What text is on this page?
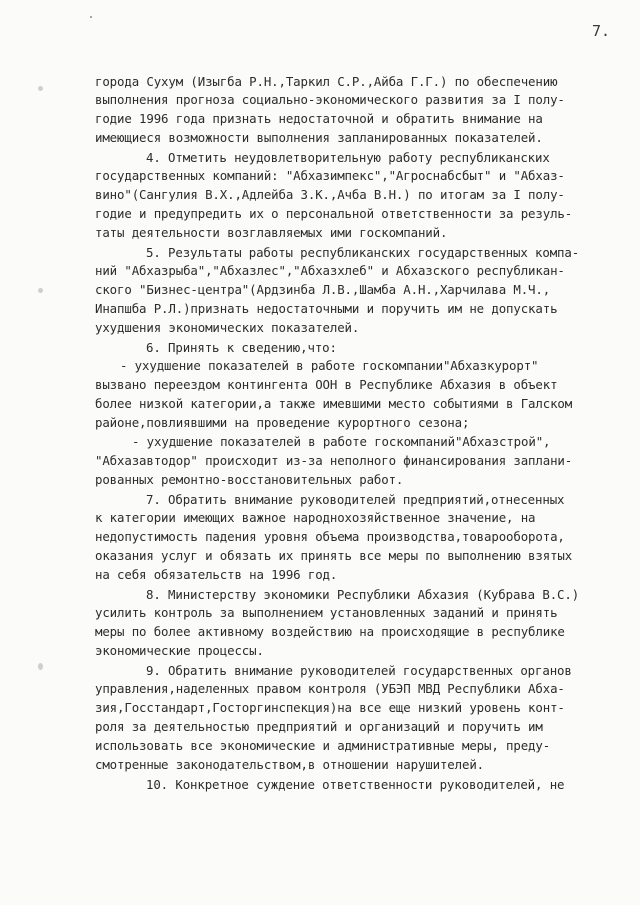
7.
города Сухум (Изыгба Р.Н.,Таркил С.Р.,Айба Г.Г.) по обеспечению
выполнения прогноза социально-экономического развития за I полу-
годие 1996 года признать недостаточной и обратить внимание на
имеющиеся возможности выполнения запланированных показателей.
4. Отметить неудовлетворительную работу республиканских
государственных компаний: "Абхазимпекс","Агроснабсбыт" и "Абхаз-
вино"(Сангулия В.Х.,Адлейба З.К.,Ачба В.Н.) по итогам за I полу-
годие и предупредить их о персональной ответственности за резуль-
таты деятельности возглавляемых ими госкомпаний.
5. Результаты работы республиканских государственных компа-
ний "Абхазрыба","Абхазлес","Абхазхлеб" и Абхазского республикан-
ского "Бизнес-центра"(Ардзинба Л.В.,Шамба А.Н.,Харчилава М.Ч.,
Инапшба Р.Л.)признать недостаточными и поручить им не допускать
ухудшения экономических показателей.
6. Принять к сведению,что:
- ухудшение показателей в работе госкомпании"Абхазкурорт"
вызвано переездом контингента ООН в Республике Абхазия в объект
более низкой категории,а также имевшими место событиями в Галском
районе,повлиявшими на проведение курортного сезона;
- ухудшение показателей в работе госкомпаний"Абхазстрой",
"Абхазавтодор" происходит из-за неполного финансирования заплани-
рованных ремонтно-восстановительных работ.
7. Обратить внимание руководителей предприятий,отнесенных
к категории имеющих важное народнохозяйственное значение, на
недопустимость падения уровня объема производства,товарооборота,
оказания услуг и обязать их принять все меры по выполнению взятых
на себя обязательств на 1996 год.
8. Министерству экономики Республики Абхазия (Кубрава В.С.)
усилить контроль за выполнением установленных заданий и принять
меры по более активному воздействию на происходящие в республике
экономические процессы.
9. Обратить внимание руководителей государственных органов
управления,наделенных правом контроля (УБЭП МВД Республики Абха-
зия,Госстандарт,Госторгинспекция)на все еще низкий уровень конт-
роля за деятельностью предприятий и организаций и поручить им
использовать все экономические и административные меры, преду-
смотренные законодательством,в отношении нарушителей.
10. Конкретное суждение ответственности руководителей, не
